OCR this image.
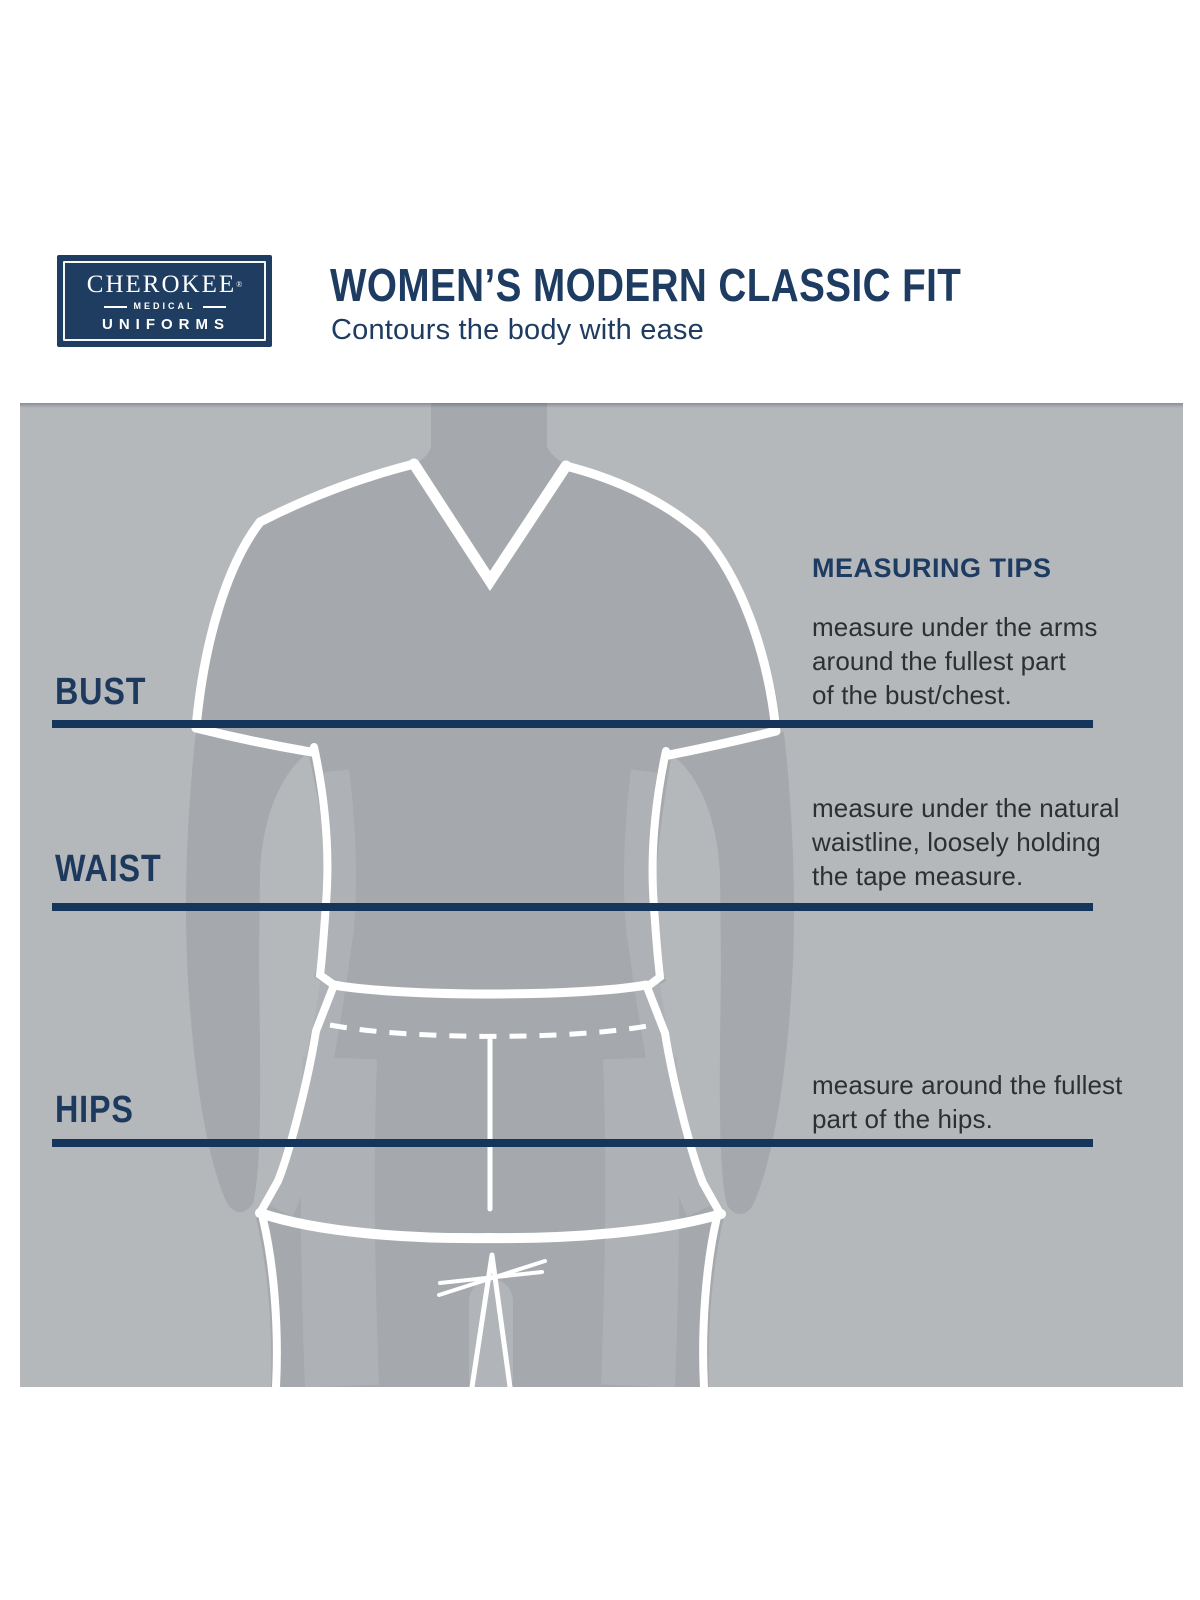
CHEROKEE®
MEDICAL
UNIFORMS
WOMEN’S MODERN CLASSIC FIT
Contours the body with ease
BUST
WAIST
HIPS
MEASURING TIPS
measure under the arms
around the fullest part
of the bust/chest.
measure under the natural
waistline, loosely holding
the tape measure.
measure around the fullest
part of the hips.
